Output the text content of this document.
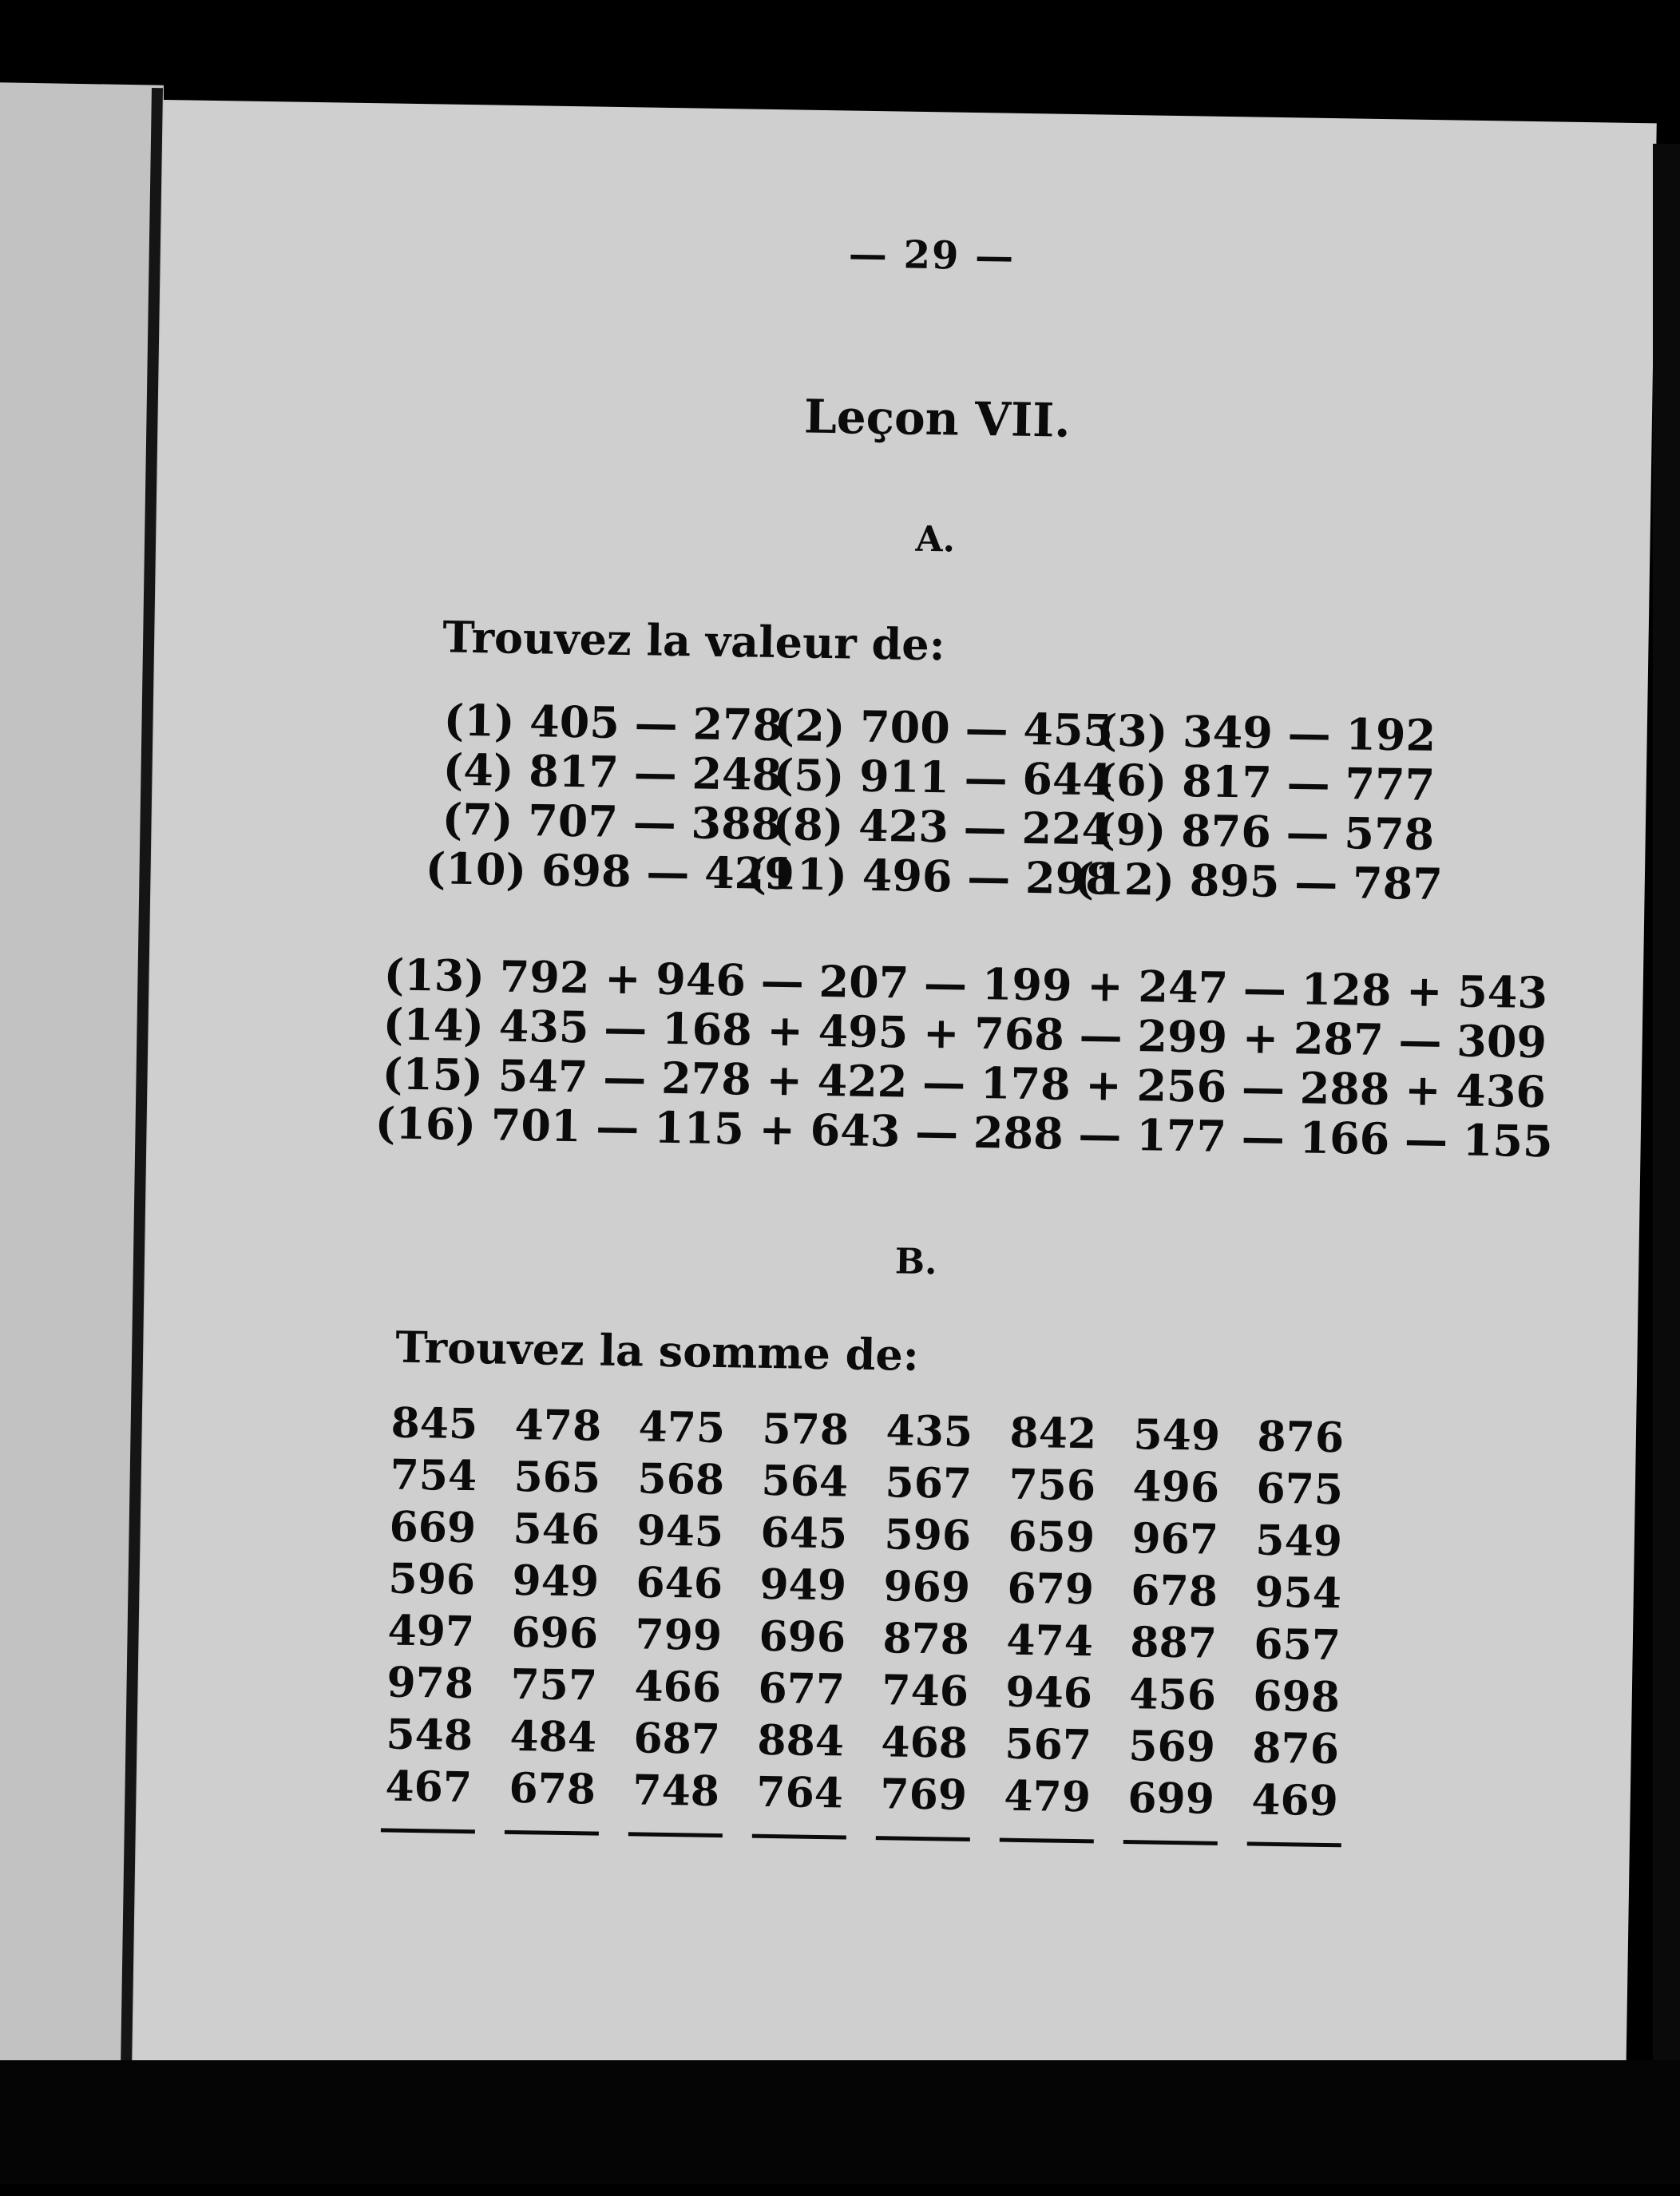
— 29 —
Leçon VII.
A.
Trouvez la valeur de:

(1) 405 — 278

(2) 700 — 455

(3) 349 — 192

(4) 817 — 248

(5) 911 — 644

(6) 817 — 777

(7) 707 — 388

(8) 423 — 224

(9) 876 — 578

(10) 698 — 429

(11) 496 — 298

(12) 895 — 787

(13) 792 + 946 — 207 — 199 + 247 — 128 + 543
(14) 435 — 168 + 495 + 768 — 299 + 287 — 309
(15) 547 — 278 + 422 — 178 + 256 — 288 + 436
(16) 701 — 115 + 643 — 288 — 177 — 166 — 155
B.
Trouvez la somme de:
845
754
669
596
497
978
548
467
478
565
546
949
696
757
484
678
475
568
945
646
799
466
687
748
578
564
645
949
696
677
884
764
435
567
596
969
878
746
468
769
842
756
659
679
474
946
567
479
549
496
967
678
887
456
569
699
876
675
549
954
657
698
876
469
